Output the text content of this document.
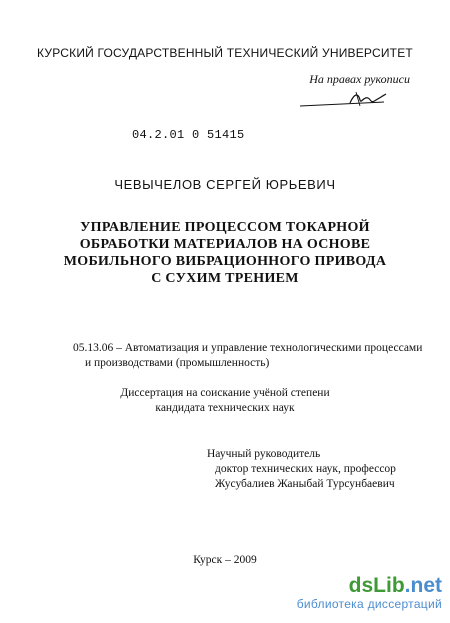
КУРСКИЙ ГОСУДАРСТВЕННЫЙ ТЕХНИЧЕСКИЙ УНИВЕРСИТЕТ
На правах рукописи
04.2.01 0 51415
ЧЕВЫЧЕЛОВ СЕРГЕЙ ЮРЬЕВИЧ
УПРАВЛЕНИЕ ПРОЦЕССОМ ТОКАРНОЙ
ОБРАБОТКИ МАТЕРИАЛОВ НА ОСНОВЕ
МОБИЛЬНОГО ВИБРАЦИОННОГО ПРИВОДА
С СУХИМ ТРЕНИЕМ
05.13.06 – Автоматизация и управление технологическими процессами
и производствами (промышленность)
Диссертация на соискание учёной степени
кандидата технических наук
Научный руководитель
доктор технических наук, профессор
Жусубалиев Жаныбай Турсунбаевич
Курск – 2009
dsLib.net
библиотека диссертаций
